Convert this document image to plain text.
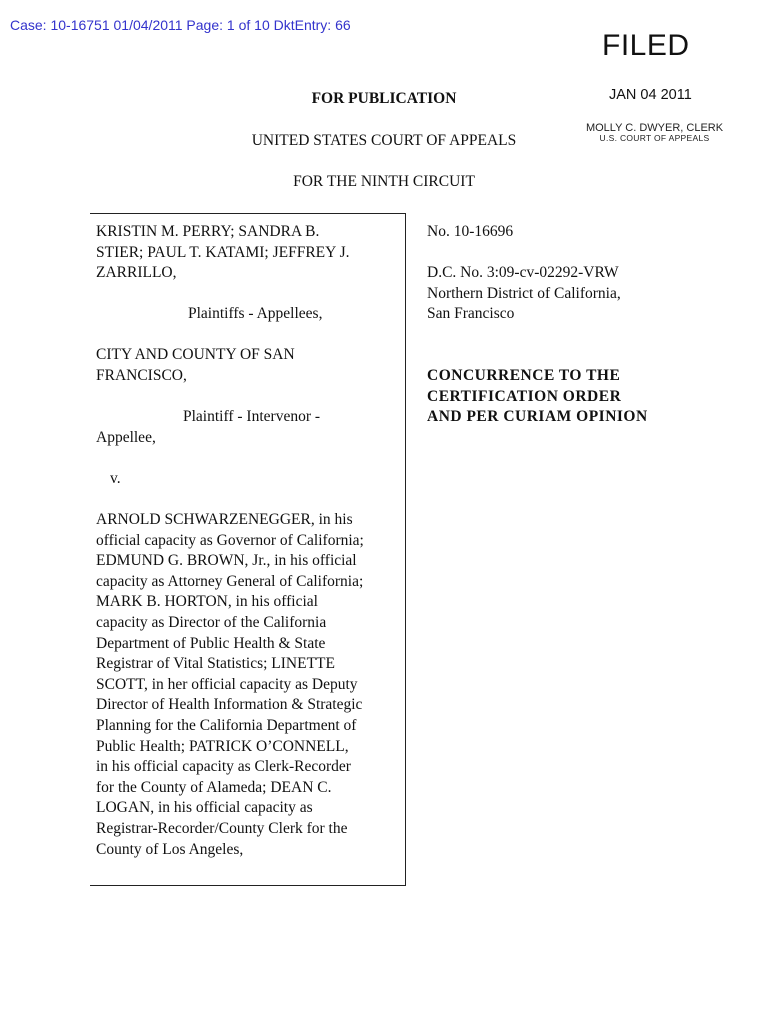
Case: 10-16751 01/04/2011 Page: 1 of 10 DktEntry: 66
FILED
JAN 04 2011
MOLLY C. DWYER, CLERK
U.S. COURT OF APPEALS
FOR PUBLICATION
UNITED STATES COURT OF APPEALS
FOR THE NINTH CIRCUIT
KRISTIN M. PERRY; SANDRA B.
STIER; PAUL T. KATAMI; JEFFREY J.
ZARRILLO,
Plaintiffs - Appellees,
CITY AND COUNTY OF SAN
FRANCISCO,
Plaintiff - Intervenor -
Appellee,
v.
ARNOLD SCHWARZENEGGER, in his
official capacity as Governor of California;
EDMUND G. BROWN, Jr., in his official
capacity as Attorney General of California;
MARK B. HORTON, in his official
capacity as Director of the California
Department of Public Health & State
Registrar of Vital Statistics; LINETTE
SCOTT, in her official capacity as Deputy
Director of Health Information & Strategic
Planning for the California Department of
Public Health; PATRICK O’CONNELL,
in his official capacity as Clerk-Recorder
for the County of Alameda; DEAN C.
LOGAN, in his official capacity as
Registrar-Recorder/County Clerk for the
County of Los Angeles,
No. 10-16696
D.C. No. 3:09-cv-02292-VRW
Northern District of California,
San Francisco
CONCURRENCE TO THE
CERTIFICATION ORDER
AND PER CURIAM OPINION
